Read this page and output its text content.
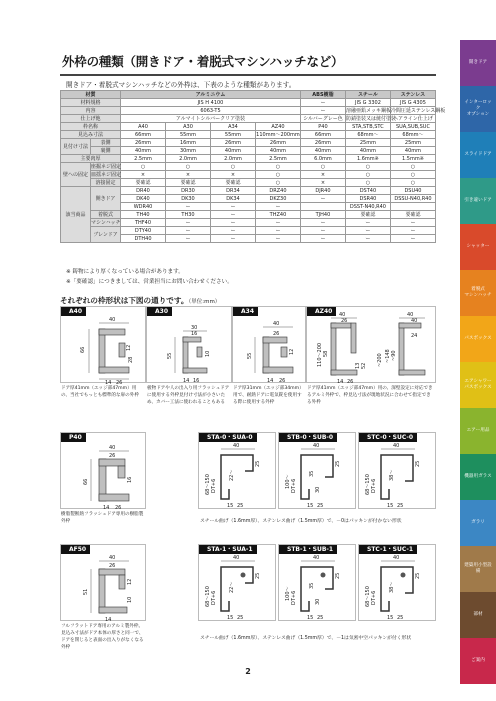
外枠の種類（開きドア・着脱式マシンハッチなど）
開きドア・着脱式マシンハッチなどの外枠は、下表のような種類があります。
材質		アルミニウム				ABS樹脂	スチール	ステンレス
材料規格		JIS H 4100				ー	JIS G 3302	JIS G 4305
内容		6063-T5				ー	溶融亜鉛メッキ鋼板	冷間圧延ステンレス鋼板
仕上げ他		アルマイトシルバークリア塗装				シルバーグレー色	防錆塗装又は焼付塗装	ヘアライン仕上げ
枠名称		A40	A30	A34	AZ40	P40	STA,STB,STC	SUA,SUB,SUC
見込み寸法		66mm	55mm	55mm	110mm～200mm	66mm	68mm～	68mm～
見付け寸法	表側	26mm	16mm	26mm	26mm	26mm	25mm	25mm
	裏側	40mm	30mm	40mm	40mm	40mm	40mm	40mm
主要肉厚		2.5mm	2.0mm	2.0mm	2.5mm	6.0mm	1.6mm※	1.5mm※
壁への固定	座掘ネジ固定	○	○	○	○	○	○	○
	皿揺ネジ固定	×	×	×	○	×	○	○
	溶接固定	要確認	要確認	要確認	○	×	○	○
該当商品	開きドア	DR40	DR30	DR34	DRZ40	DJR40	DST40	DSU40
		DK40	DK30	DK34	DKZ30	ー	DSR40	DSSU-N40,R40
		WDR40	ー	ー	ー		DSST-N40,R40	
	着脱式	TH40	TH30	ー	THZ40	TJH40	要確認	要確認
	マシンハッチ	THF40	ー	ー	ー	ー	ー	ー
	ブレンドア	DTY40	ー	ー	ー	ー	ー	ー
		DTH40	ー	ー	ー	ー	ー	ー
※ 鋳物により厚くなっている場合があります。
※「要確認」につきましては、営業担当にお問い合わせください。
それぞれの枠形状は下図の通りです。（単位:mm）
40
66	12
28
14 26
A40
ドア厚41mm（エッジ部47mm）用の、当社でもっとも標準的な扉の外枠
30
16
55	10
14 16
A30
板物ドアや人の出入り用フラッシュドアに使用する外枠見付け寸法が小さいため、カバー工法に使われることもある
40
26
55
12
14 26
A34
ドア厚31mm（エッジ部34mm）用で、耐熱ドアに電気錠を使用する際に使用する外枠
40
26
110～200 58
52
13
26
14
40
24
40
~200 ~148 ~90
AZ40
ドア厚41mm（エッジ部47mm）用の、深壁設定に対応できるアルミ外枠で、枠見込寸法が現地状況に合わせて指定できる外枠
40
26
66	16
14 26
P40
樹脂製断熱フラッシュドア専用の樹脂製外枠
40
26
51
12
10
14
AF50
フルフラットドア専用のアルミ製外枠。見込み寸法がドア本体の厚さと同一で、ドアを閉じると表面の出入りがなくなる外枠
40
25
68～150 DT+6
22～
25
15
STA-0・SUA-0
40
25
100～ DT+6
35
30
25
15
STB-0・SUB-0
40
25
68～150 DT+6
38～
25
15
STC-0・SUC-0
スチール曲げ（1.6mm厚）、ステンレス曲げ（1.5mm厚）で、－0はパッキンが付かない形状
40
25
68～150 DT+6
22～
25
15
STA-1・SUA-1
40
25
100～ DT+6
35
30
25
15
STB-1・SUB-1
40
25
68～150 DT+6
38～
25
15
STC-1・SUC-1
スチール曲げ（1.6mm厚）、ステンレス曲げ（1.5mm厚）で、－1は気密中空パッキンが付く形状
開きドア
インターロック
オプション
スライドドア
引き違いドア
シャッター
着脱式
マシンハッチ
パスボックス
エアシャワー
パスボックス
エアー用品
機器用ガラス
ガラリ
建築用小型設備
部材
ご案内
2
